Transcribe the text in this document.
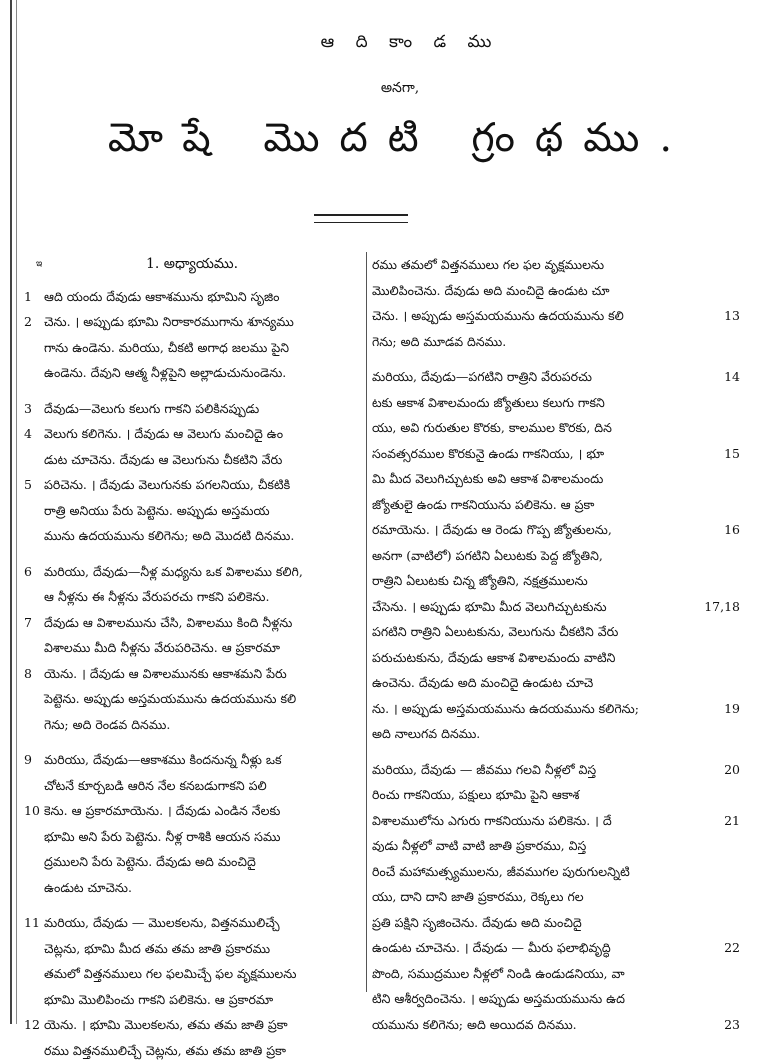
ఆ ది కాం డ ము
అనగా,
మోషే మొదటి గ్రంథము.
ఇ	1. అధ్యాయము.
1 ఆది యందు దేవుడు ఆకాశమును భూమిని సృజిం
2 చెను. । అప్పుడు భూమి నిరాకారముగాను శూన్యము
గాను ఉండెను. మరియు, చీకటి అగాధ జలము పైని
ఉండెను. దేవుని ఆత్మ నీళ్లపైని అల్లాడుచునుండెను.
3 దేవుడు—వెలుగు కలుగు గాకని పలికినప్పుడు
4 వెలుగు కలిగెను. । దేవుడు ఆ వెలుగు మంచిదై ఉం
డుట చూచెను. దేవుడు ఆ వెలుగును చీకటిని వేరు
5 పరిచెను. । దేవుడు వెలుగునకు పగలనియు, చీకటికి
రాత్రి అనియు పేరు పెట్టెను. అప్పుడు అస్తమయ
మును ఉదయమును కలిగెను; అది మొదటి దినము.
6 మరియు, దేవుడు—నీళ్ల మధ్యను ఒక విశాలము కలిగి,
ఆ నీళ్లను ఈ నీళ్లను వేరుపరచు గాకని పలికెను.
7 దేవుడు ఆ విశాలమును చేసి, విశాలము కింది నీళ్లను
విశాలము మీది నీళ్లను వేరుపరిచెను. ఆ ప్రకారమా
8 యెను. । దేవుడు ఆ విశాలమునకు ఆకాశమని పేరు
పెట్టెను. అప్పుడు అస్తమయమును ఉదయమును కలి
గెను; అది రెండవ దినము.
9 మరియు, దేవుడు—ఆకాశము కిందనున్న నీళ్లు ఒక
చోటనే కూర్చబడి ఆరిన నేల కనబడుగాకని పలి
10 కెను. ఆ ప్రకారమాయెను. । దేవుడు ఎండిన నేలకు
భూమి అని పేరు పెట్టెను. నీళ్ల రాశికి ఆయన సము
ద్రములని పేరు పెట్టెను. దేవుడు అది మంచిదై
ఉండుట చూచెను.
11 మరియు, దేవుడు — మొలకలను, విత్తనములిచ్చే
చెట్లను, భూమి మీద తమ తమ జాతి ప్రకారము
తమలో విత్తనములు గల ఫలమిచ్చే ఫల వృక్షములను
భూమి మొలిపించు గాకని పలికెను. ఆ ప్రకారమా
12 యెను. । భూమి మొలకలను, తమ తమ జాతి ప్రకా
రము విత్తనములిచ్చే చెట్లను, తమ తమ జాతి ప్రకా
రము తమలో విత్తనములు గల ఫల వృక్షములను
మొలిపించెను. దేవుడు అది మంచిదై ఉండుట చూ
13
చెను. । అప్పుడు అస్తమయమును ఉదయమును కలి
గెను; అది మూడవ దినము.
14
మరియు, దేవుడు—పగటిని రాత్రిని వేరుపరచు
టకు ఆకాశ విశాలమందు జ్యోతులు కలుగు గాకని
యు, అవి గురుతుల కొరకు, కాలముల కొరకు, దిన
15
సంవత్సరముల కొరకునై ఉండు గాకనియు, । భూ
మి మీద వెలుగిచ్చుటకు అవి ఆకాశ విశాలమందు
జ్యోతులై ఉండు గాకనియును పలికెను. ఆ ప్రకా
16
రమాయెను. । దేవుడు ఆ రెండు గొప్ప జ్యోతులను,
అనగా (వాటిలో) పగటిని ఏలుటకు పెద్ద జ్యోతిని,
రాత్రిని ఏలుటకు చిన్న జ్యోతిని, నక్షత్రములను
17,18
చేసెను. । అప్పుడు భూమి మీద వెలుగిచ్చుటకును
పగటిని రాత్రిని ఏలుటకును, వెలుగును చీకటిని వేరు
పరుచుటకును, దేవుడు ఆకాశ విశాలమందు వాటిని
ఉంచెను. దేవుడు అది మంచిదై ఉండుట చూచె
19
ను. । అప్పుడు అస్తమయమును ఉదయమును కలిగెను;
అది నాలుగవ దినము.
20
మరియు, దేవుడు — జీవము గలవి నీళ్లలో విస్త
రించు గాకనియు, పక్షులు భూమి పైని ఆకాశ
21
విశాలములోను ఎగురు గాకనియును పలికెను. । దే
వుడు నీళ్లలో వాటి వాటి జాతి ప్రకారము, విస్త
రించే మహామత్స్యములను, జీవముగల పురుగులన్నిటి
యు, దాని దాని జాతి ప్రకారము, రెక్కలు గల
ప్రతి పక్షిని సృజించెను. దేవుడు అది మంచిదై
22
ఉండుట చూచెను. । దేవుడు — మీరు ఫలాభివృద్ధి
పొంది, సముద్రముల నీళ్లలో నిండి ఉండుడనియు, వా
టిని ఆశీర్వదించెను. । అప్పుడు అస్తమయమును ఉద
23
యమును కలిగెను; అది అయిదవ దినము.
